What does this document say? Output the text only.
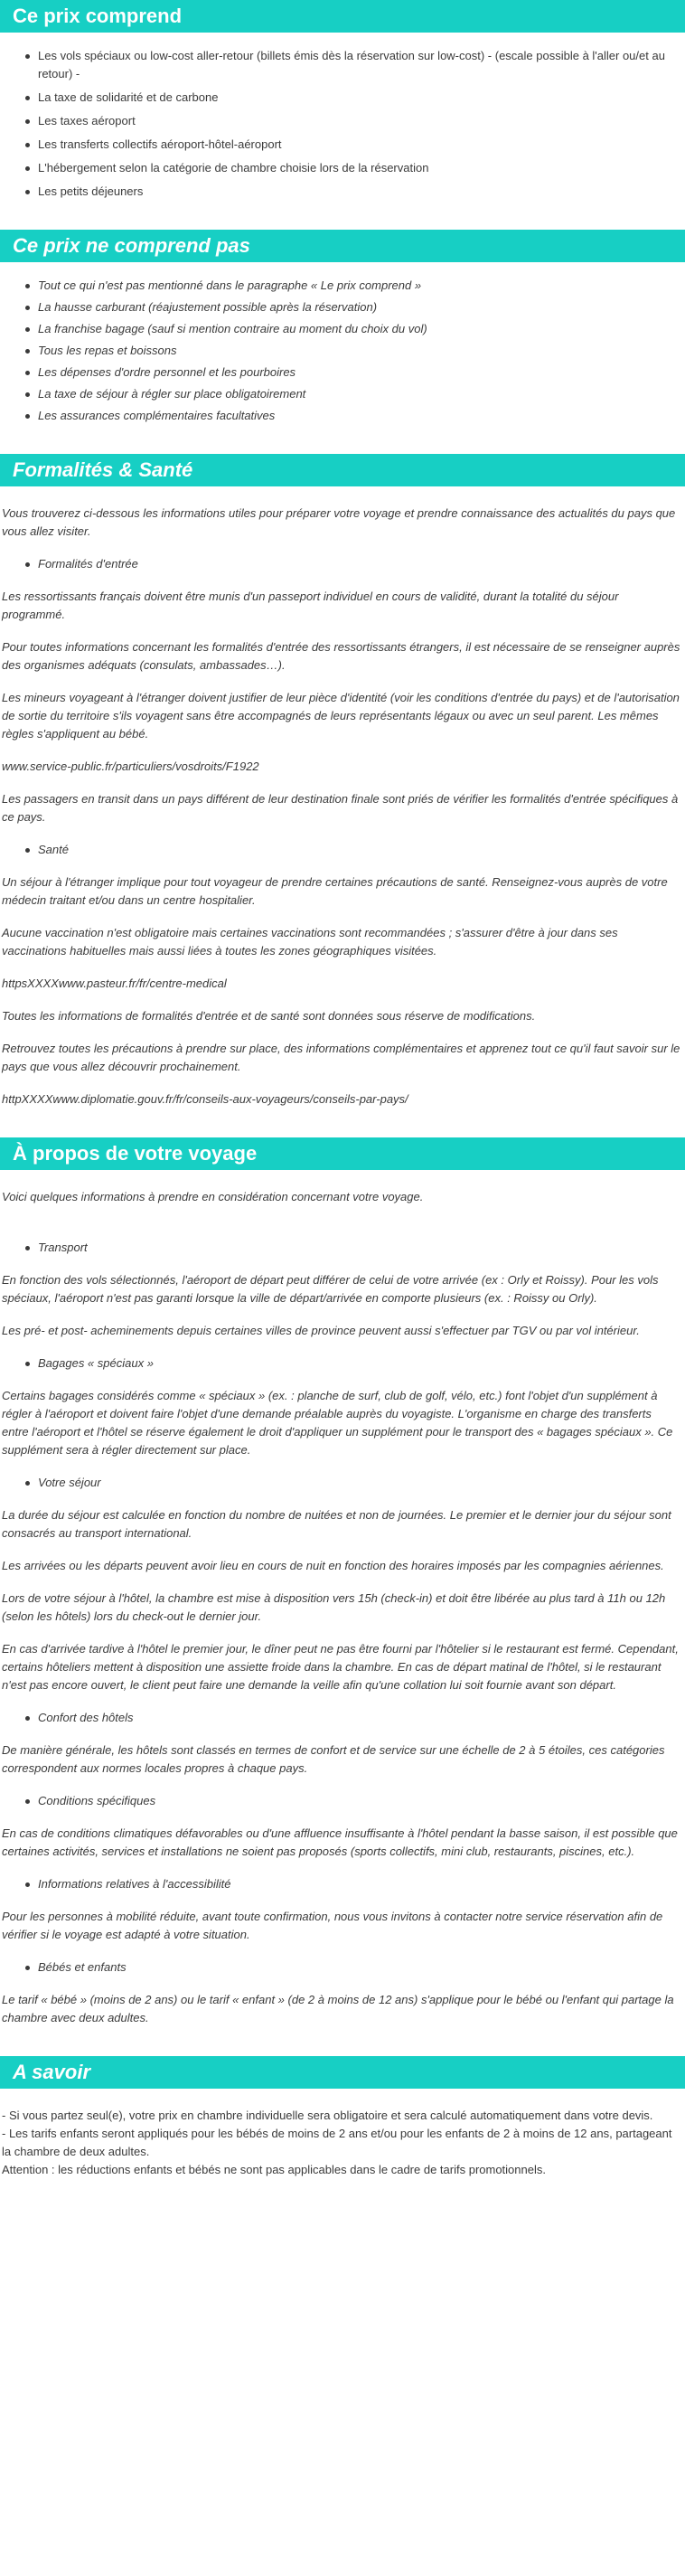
Ce prix comprend
Les vols spéciaux ou low-cost aller-retour (billets émis dès la réservation sur low-cost) - (escale possible à l'aller ou/et au retour) -
La taxe de solidarité et de carbone
Les taxes aéroport
Les transferts collectifs aéroport-hôtel-aéroport
L'hébergement selon la catégorie de chambre choisie lors de la réservation
Les petits déjeuners
Ce prix ne comprend pas
Tout ce qui n'est pas mentionné dans le paragraphe « Le prix comprend »
La hausse carburant (réajustement possible après la réservation)
La franchise bagage (sauf si mention contraire au moment du choix du vol)
Tous les repas et boissons
Les dépenses d'ordre personnel et les pourboires
La taxe de séjour à régler sur place obligatoirement
Les assurances complémentaires facultatives
Formalités & Santé

Vous trouverez ci-dessous les informations utiles pour préparer votre voyage et prendre connaissance des actualités du pays que vous allez visiter.

Formalités d'entrée

Les ressortissants français doivent être munis d'un passeport individuel en cours de validité, durant la totalité du séjour programmé.

Pour toutes informations concernant les formalités d'entrée des ressortissants étrangers, il est nécessaire de se renseigner auprès des organismes adéquats (consulats, ambassades…).

Les mineurs voyageant à l'étranger doivent justifier de leur pièce d'identité (voir les conditions d'entrée du pays) et de l'autorisation de sortie du territoire s'ils voyagent sans être accompagnés de leurs représentants légaux ou avec un seul parent. Les mêmes règles s'appliquent au bébé.

www.service-public.fr/particuliers/vosdroits/F1922

Les passagers en transit dans un pays différent de leur destination finale sont priés de vérifier les formalités d'entrée spécifiques à ce pays.

Santé

Un séjour à l'étranger implique pour tout voyageur de prendre certaines précautions de santé. Renseignez-vous auprès de votre médecin traitant et/ou dans un centre hospitalier.

Aucune vaccination n'est obligatoire mais certaines vaccinations sont recommandées ; s'assurer d'être à jour dans ses vaccinations habituelles mais aussi liées à toutes les zones géographiques visitées.

httpsXXXXwww.pasteur.fr/fr/centre-medical

Toutes les informations de formalités d'entrée et de santé sont données sous réserve de modifications.

Retrouvez toutes les précautions à prendre sur place, des informations complémentaires et apprenez tout ce qu'il faut savoir sur le pays que vous allez découvrir prochainement.

httpXXXXwww.diplomatie.gouv.fr/fr/conseils-aux-voyageurs/conseils-par-pays/

À propos de votre voyage

Voici quelques informations à prendre en considération concernant votre voyage.

Transport

En fonction des vols sélectionnés, l'aéroport de départ peut différer de celui de votre arrivée (ex : Orly et Roissy). Pour les vols spéciaux, l'aéroport n'est pas garanti lorsque la ville de départ/arrivée en comporte plusieurs (ex. : Roissy ou Orly).

Les pré- et post- acheminements depuis certaines villes de province peuvent aussi s'effectuer par TGV ou par vol intérieur.

Bagages « spéciaux »

Certains bagages considérés comme « spéciaux » (ex. : planche de surf, club de golf, vélo, etc.) font l'objet d'un supplément à régler à l'aéroport et doivent faire l'objet d'une demande préalable auprès du voyagiste. L'organisme en charge des transferts entre l'aéroport et l'hôtel se réserve également le droit d'appliquer un supplément pour le transport des « bagages spéciaux ». Ce supplément sera à régler directement sur place.

Votre séjour

La durée du séjour est calculée en fonction du nombre de nuitées et non de journées. Le premier et le dernier jour du séjour sont consacrés au transport international.

Les arrivées ou les départs peuvent avoir lieu en cours de nuit en fonction des horaires imposés par les compagnies aériennes.

Lors de votre séjour à l'hôtel, la chambre est mise à disposition vers 15h (check-in) et doit être libérée au plus tard à 11h ou 12h (selon les hôtels) lors du check-out le dernier jour.

En cas d'arrivée tardive à l'hôtel le premier jour, le dîner peut ne pas être fourni par l'hôtelier si le restaurant est fermé. Cependant, certains hôteliers mettent à disposition une assiette froide dans la chambre. En cas de départ matinal de l'hôtel, si le restaurant n'est pas encore ouvert, le client peut faire une demande la veille afin qu'une collation lui soit fournie avant son départ.

Confort des hôtels

De manière générale, les hôtels sont classés en termes de confort et de service sur une échelle de 2 à 5 étoiles, ces catégories correspondent aux normes locales propres à chaque pays.

Conditions spécifiques

En cas de conditions climatiques défavorables ou d'une affluence insuffisante à l'hôtel pendant la basse saison, il est possible que certaines activités, services et installations ne soient pas proposés (sports collectifs, mini club, restaurants, piscines, etc.).

Informations relatives à l'accessibilité

Pour les personnes à mobilité réduite, avant toute confirmation, nous vous invitons à contacter notre service réservation afin de vérifier si le voyage est adapté à votre situation.

Bébés et enfants

Le tarif « bébé » (moins de 2 ans) ou le tarif « enfant » (de 2 à moins de 12 ans) s'applique pour le bébé ou l'enfant qui partage la chambre avec deux adultes.

A savoir

- Si vous partez seul(e), votre prix en chambre individuelle sera obligatoire et sera calculé automatiquement dans votre devis.

- Les tarifs enfants seront appliqués pour les bébés de moins de 2 ans et/ou pour les enfants de 2 à moins de 12 ans, partageant la chambre de deux adultes.

Attention : les réductions enfants et bébés ne sont pas applicables dans le cadre de tarifs promotionnels.
